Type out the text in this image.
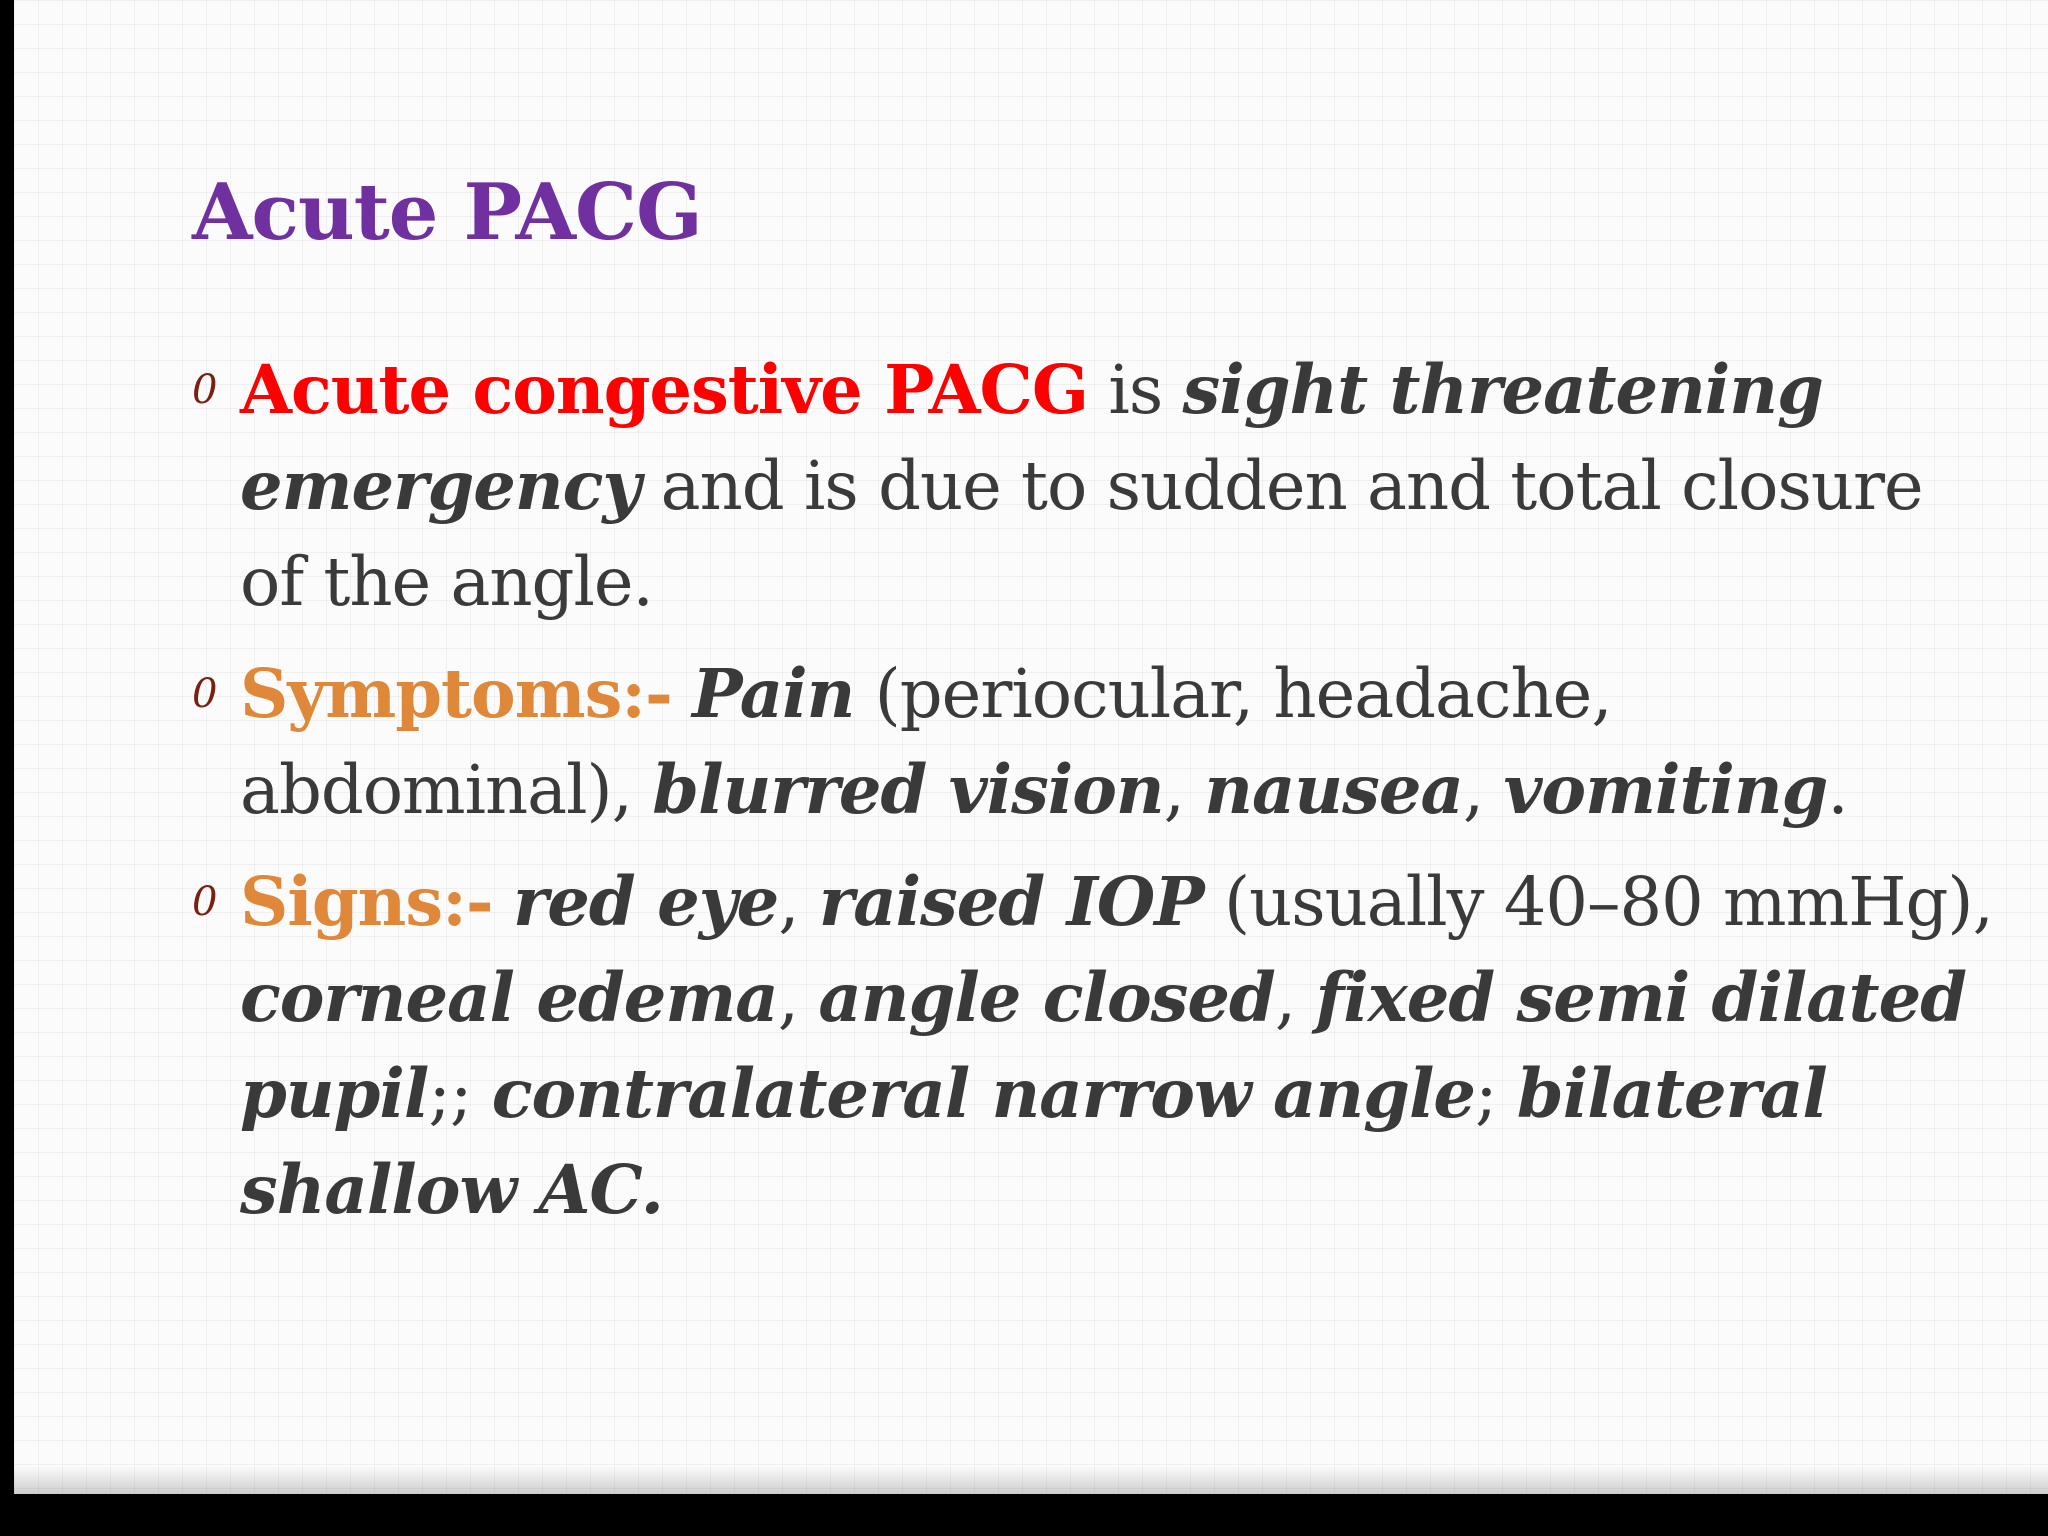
Acute PACG
0 Acute congestive PACG is sight threatening emergency and is due to sudden and total closure of the angle.
0 Symptoms:- Pain (periocular, headache, abdominal), blurred vision, nausea, vomiting.
0 Signs:- red eye, raised IOP (usually 40–80 mmHg), corneal edema, angle closed, fixed semi dilated pupil;; contralateral narrow angle; bilateral shallow AC.
